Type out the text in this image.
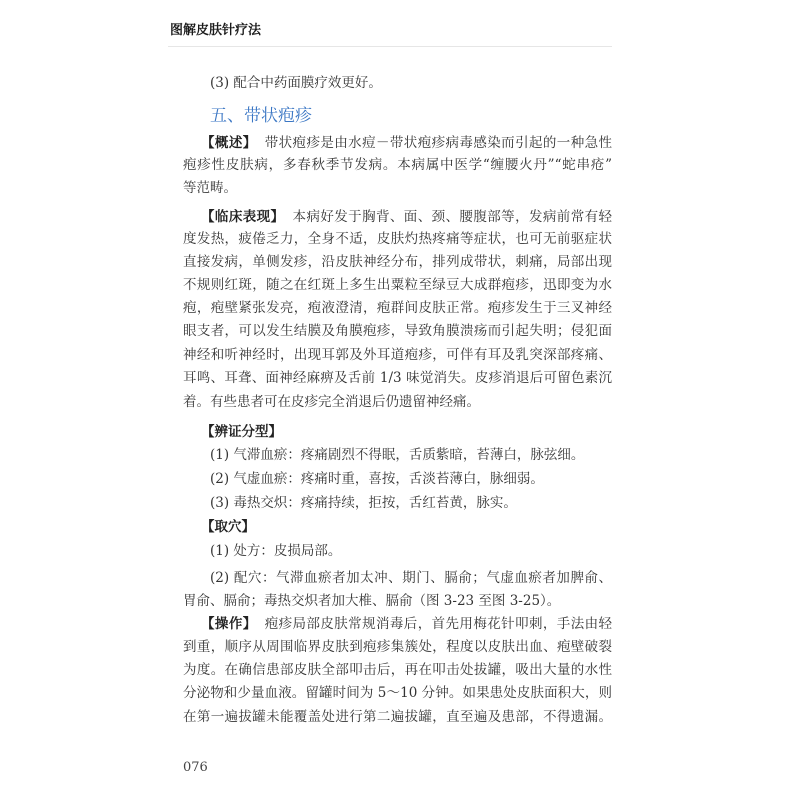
图解皮肤针疗法
(3) 配合中药面膜疗效更好。
五、带状疱疹
【概述】 带状疱疹是由水痘－带状疱疹病毒感染而引起的一种急性
疱疹性皮肤病，多春秋季节发病。本病属中医学“缠腰火丹”“蛇串疮”
等范畴。
【临床表现】 本病好发于胸背、面、颈、腰腹部等，发病前常有轻
度发热，疲倦乏力，全身不适，皮肤灼热疼痛等症状，也可无前驱症状
直接发病，单侧发疹，沿皮肤神经分布，排列成带状，刺痛，局部出现
不规则红斑，随之在红斑上多生出粟粒至绿豆大成群疱疹，迅即变为水
疱，疱壁紧张发亮，疱液澄清，疱群间皮肤正常。疱疹发生于三叉神经
眼支者，可以发生结膜及角膜疱疹，导致角膜溃疡而引起失明；侵犯面
神经和听神经时，出现耳郭及外耳道疱疹，可伴有耳及乳突深部疼痛、
耳鸣、耳聋、面神经麻痹及舌前 1/3 味觉消失。皮疹消退后可留色素沉
着。有些患者可在皮疹完全消退后仍遗留神经痛。
【辨证分型】
(1) 气滞血瘀：疼痛剧烈不得眠，舌质紫暗，苔薄白，脉弦细。
(2) 气虚血瘀：疼痛时重，喜按，舌淡苔薄白，脉细弱。
(3) 毒热交炽：疼痛持续，拒按，舌红苔黄，脉实。
【取穴】
(1) 处方：皮损局部。
(2) 配穴：气滞血瘀者加太冲、期门、膈俞；气虚血瘀者加脾俞、
胃俞、膈俞；毒热交炽者加大椎、膈俞（图 3-23 至图 3-25）。
【操作】 疱疹局部皮肤常规消毒后，首先用梅花针叩刺，手法由轻
到重，顺序从周围临界皮肤到疱疹集簇处，程度以皮肤出血、疱壁破裂
为度。在确信患部皮肤全部叩击后，再在叩击处拔罐，吸出大量的水性
分泌物和少量血液。留罐时间为 5～10 分钟。如果患处皮肤面积大，则
在第一遍拔罐未能覆盖处进行第二遍拔罐，直至遍及患部，不得遗漏。
076
